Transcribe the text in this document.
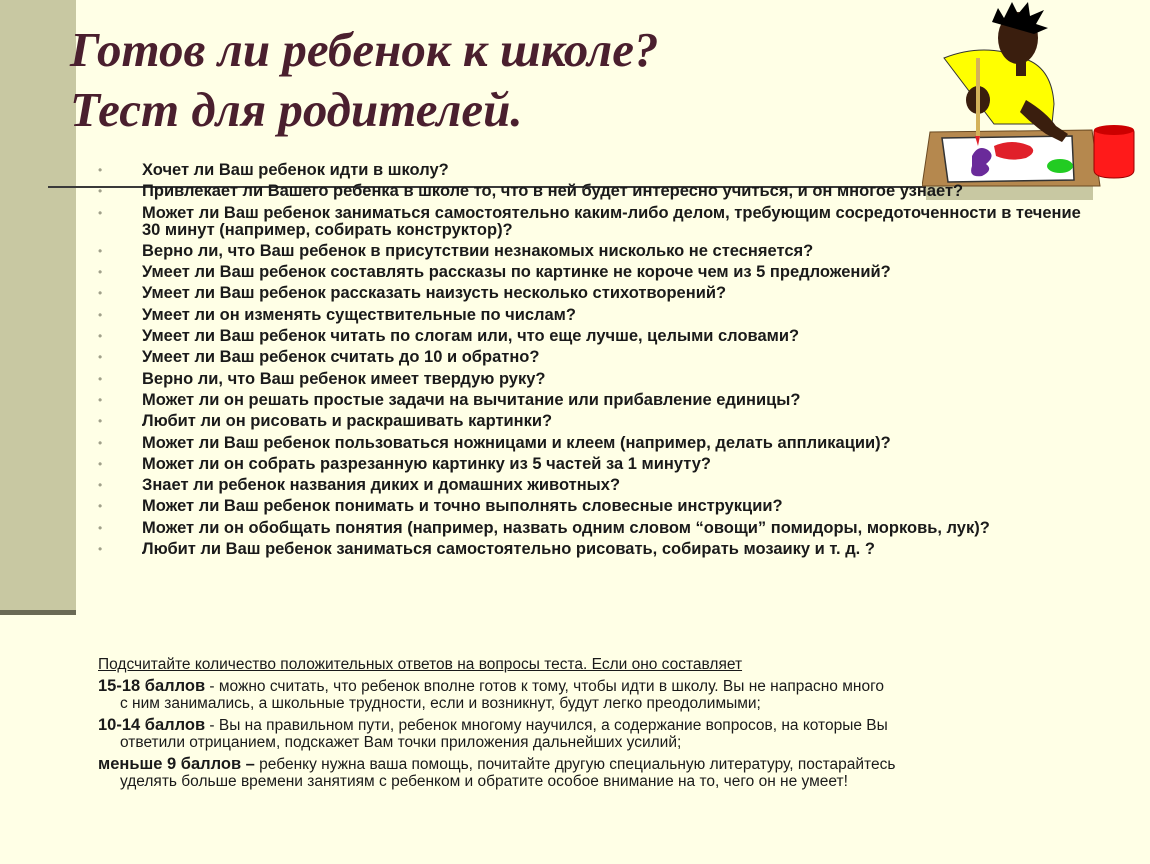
Готов ли ребенок к школе?
Тест для родителей.
• Хочет ли Ваш ребенок идти в школу?
• Привлекает ли Вашего ребенка в школе то, что в ней будет интересно учиться, и он многое узнает?
• Может ли Ваш ребенок заниматься самостоятельно каким-либо делом, требующим сосредоточенности в течение 30 минут (например, собирать конструктор)?
• Верно ли, что Ваш ребенок в присутствии незнакомых нисколько не стесняется?
• Умеет ли Ваш ребенок составлять рассказы по картинке не короче чем из 5 предложений?
• Умеет ли Ваш ребенок рассказать наизусть несколько стихотворений?
• Умеет ли он изменять существительные по числам?
• Умеет ли Ваш ребенок читать по слогам или, что еще лучше, целыми словами?
• Умеет ли Ваш ребенок считать до 10 и обратно?
• Верно ли, что Ваш ребенок имеет твердую руку?
• Может ли он решать простые задачи на вычитание или прибавление единицы?
• Любит ли он рисовать и раскрашивать картинки?
• Может ли Ваш ребенок пользоваться ножницами и клеем (например, делать аппликации)?
• Может ли он собрать разрезанную картинку из 5 частей за 1 минуту?
• Знает ли ребенок названия диких и домашних животных?
• Может ли Ваш ребенок понимать и точно выполнять словесные инструкции?
• Может ли он обобщать понятия (например, назвать одним словом “овощи” помидоры, морковь, лук)?
• Любит ли Ваш ребенок заниматься самостоятельно рисовать, собирать мозаику и т. д. ?
Подсчитайте количество положительных ответов на вопросы теста. Если оно составляет
15-18 баллов - можно считать, что ребенок вполне готов к тому, чтобы идти в школу. Вы не напрасно много
с ним занимались, а школьные трудности, если и возникнут, будут легко преодолимыми;
10-14 баллов - Вы на правильном пути, ребенок многому научился, а содержание вопросов, на которые Вы
ответили отрицанием, подскажет Вам точки приложения дальнейших усилий;
меньше 9 баллов – ребенку нужна ваша помощь, почитайте другую специальную литературу, постарайтесь
уделять больше времени занятиям с ребенком и обратите особое внимание на то, чего он не умеет!
